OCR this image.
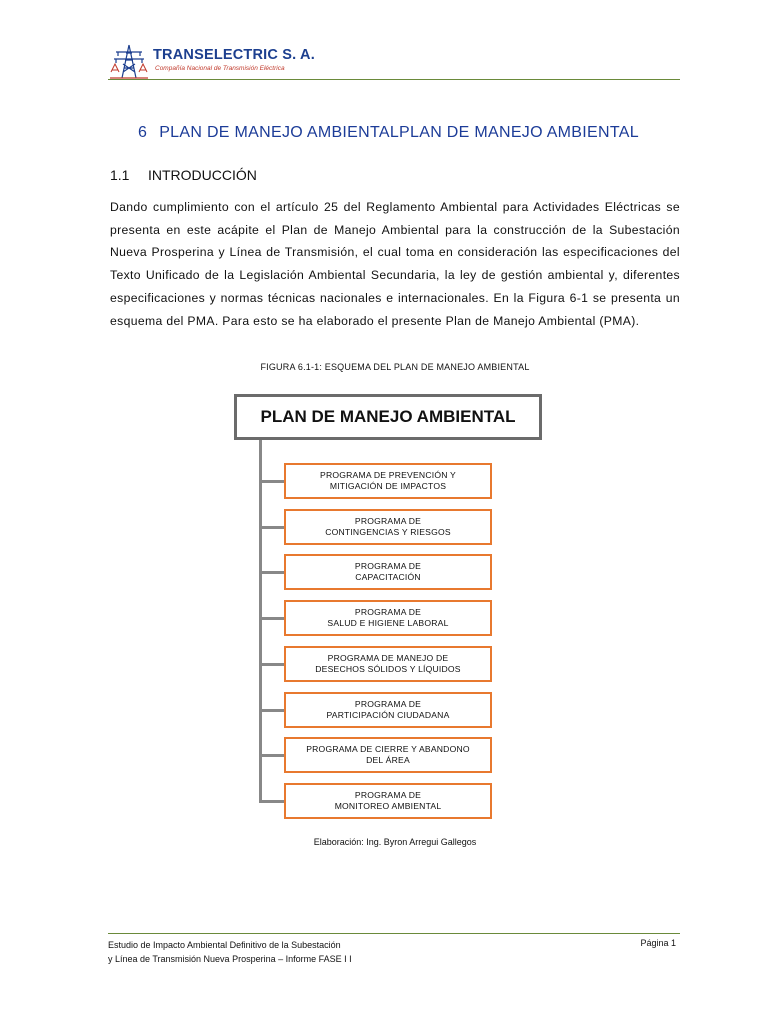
TRANSELECTRIC S. A.
Compañía Nacional de Transmisión Eléctrica
6 PLAN DE MANEJO AMBIENTALPLAN DE MANEJO AMBIENTAL
1.1 INTRODUCCIÓN
Dando cumplimiento con el artículo 25 del Reglamento Ambiental para Actividades Eléctricas se presenta en este acápite el Plan de Manejo Ambiental para la construcción de la Subestación Nueva Prosperina y Línea de Transmisión, el cual toma en consideración las especificaciones del Texto Unificado de la Legislación Ambiental Secundaria, la ley de gestión ambiental y, diferentes especificaciones y normas técnicas nacionales e internacionales. En la Figura 6-1 se presenta un esquema del PMA. Para esto se ha elaborado el presente Plan de Manejo Ambiental (PMA).
FIGURA 6.1-1: ESQUEMA DEL PLAN DE MANEJO AMBIENTAL
PLAN DE MANEJO AMBIENTAL
PROGRAMA DE PREVENCIÓN Y
MITIGACIÓN DE IMPACTOS
PROGRAMA DE
CONTINGENCIAS Y RIESGOS
PROGRAMA DE
CAPACITACIÓN
PROGRAMA DE
SALUD E HIGIENE LABORAL
PROGRAMA DE MANEJO DE
DESECHOS SÓLIDOS Y LÍQUIDOS
PROGRAMA DE
PARTICIPACIÓN CIUDADANA
PROGRAMA DE CIERRE Y ABANDONO
DEL ÁREA
PROGRAMA DE
MONITOREO AMBIENTAL
Elaboración: Ing. Byron Arregui Gallegos
Estudio de Impacto Ambiental Definitivo de la Subestación
y Línea de Transmisión Nueva Prosperina – Informe FASE I I
Página 1
